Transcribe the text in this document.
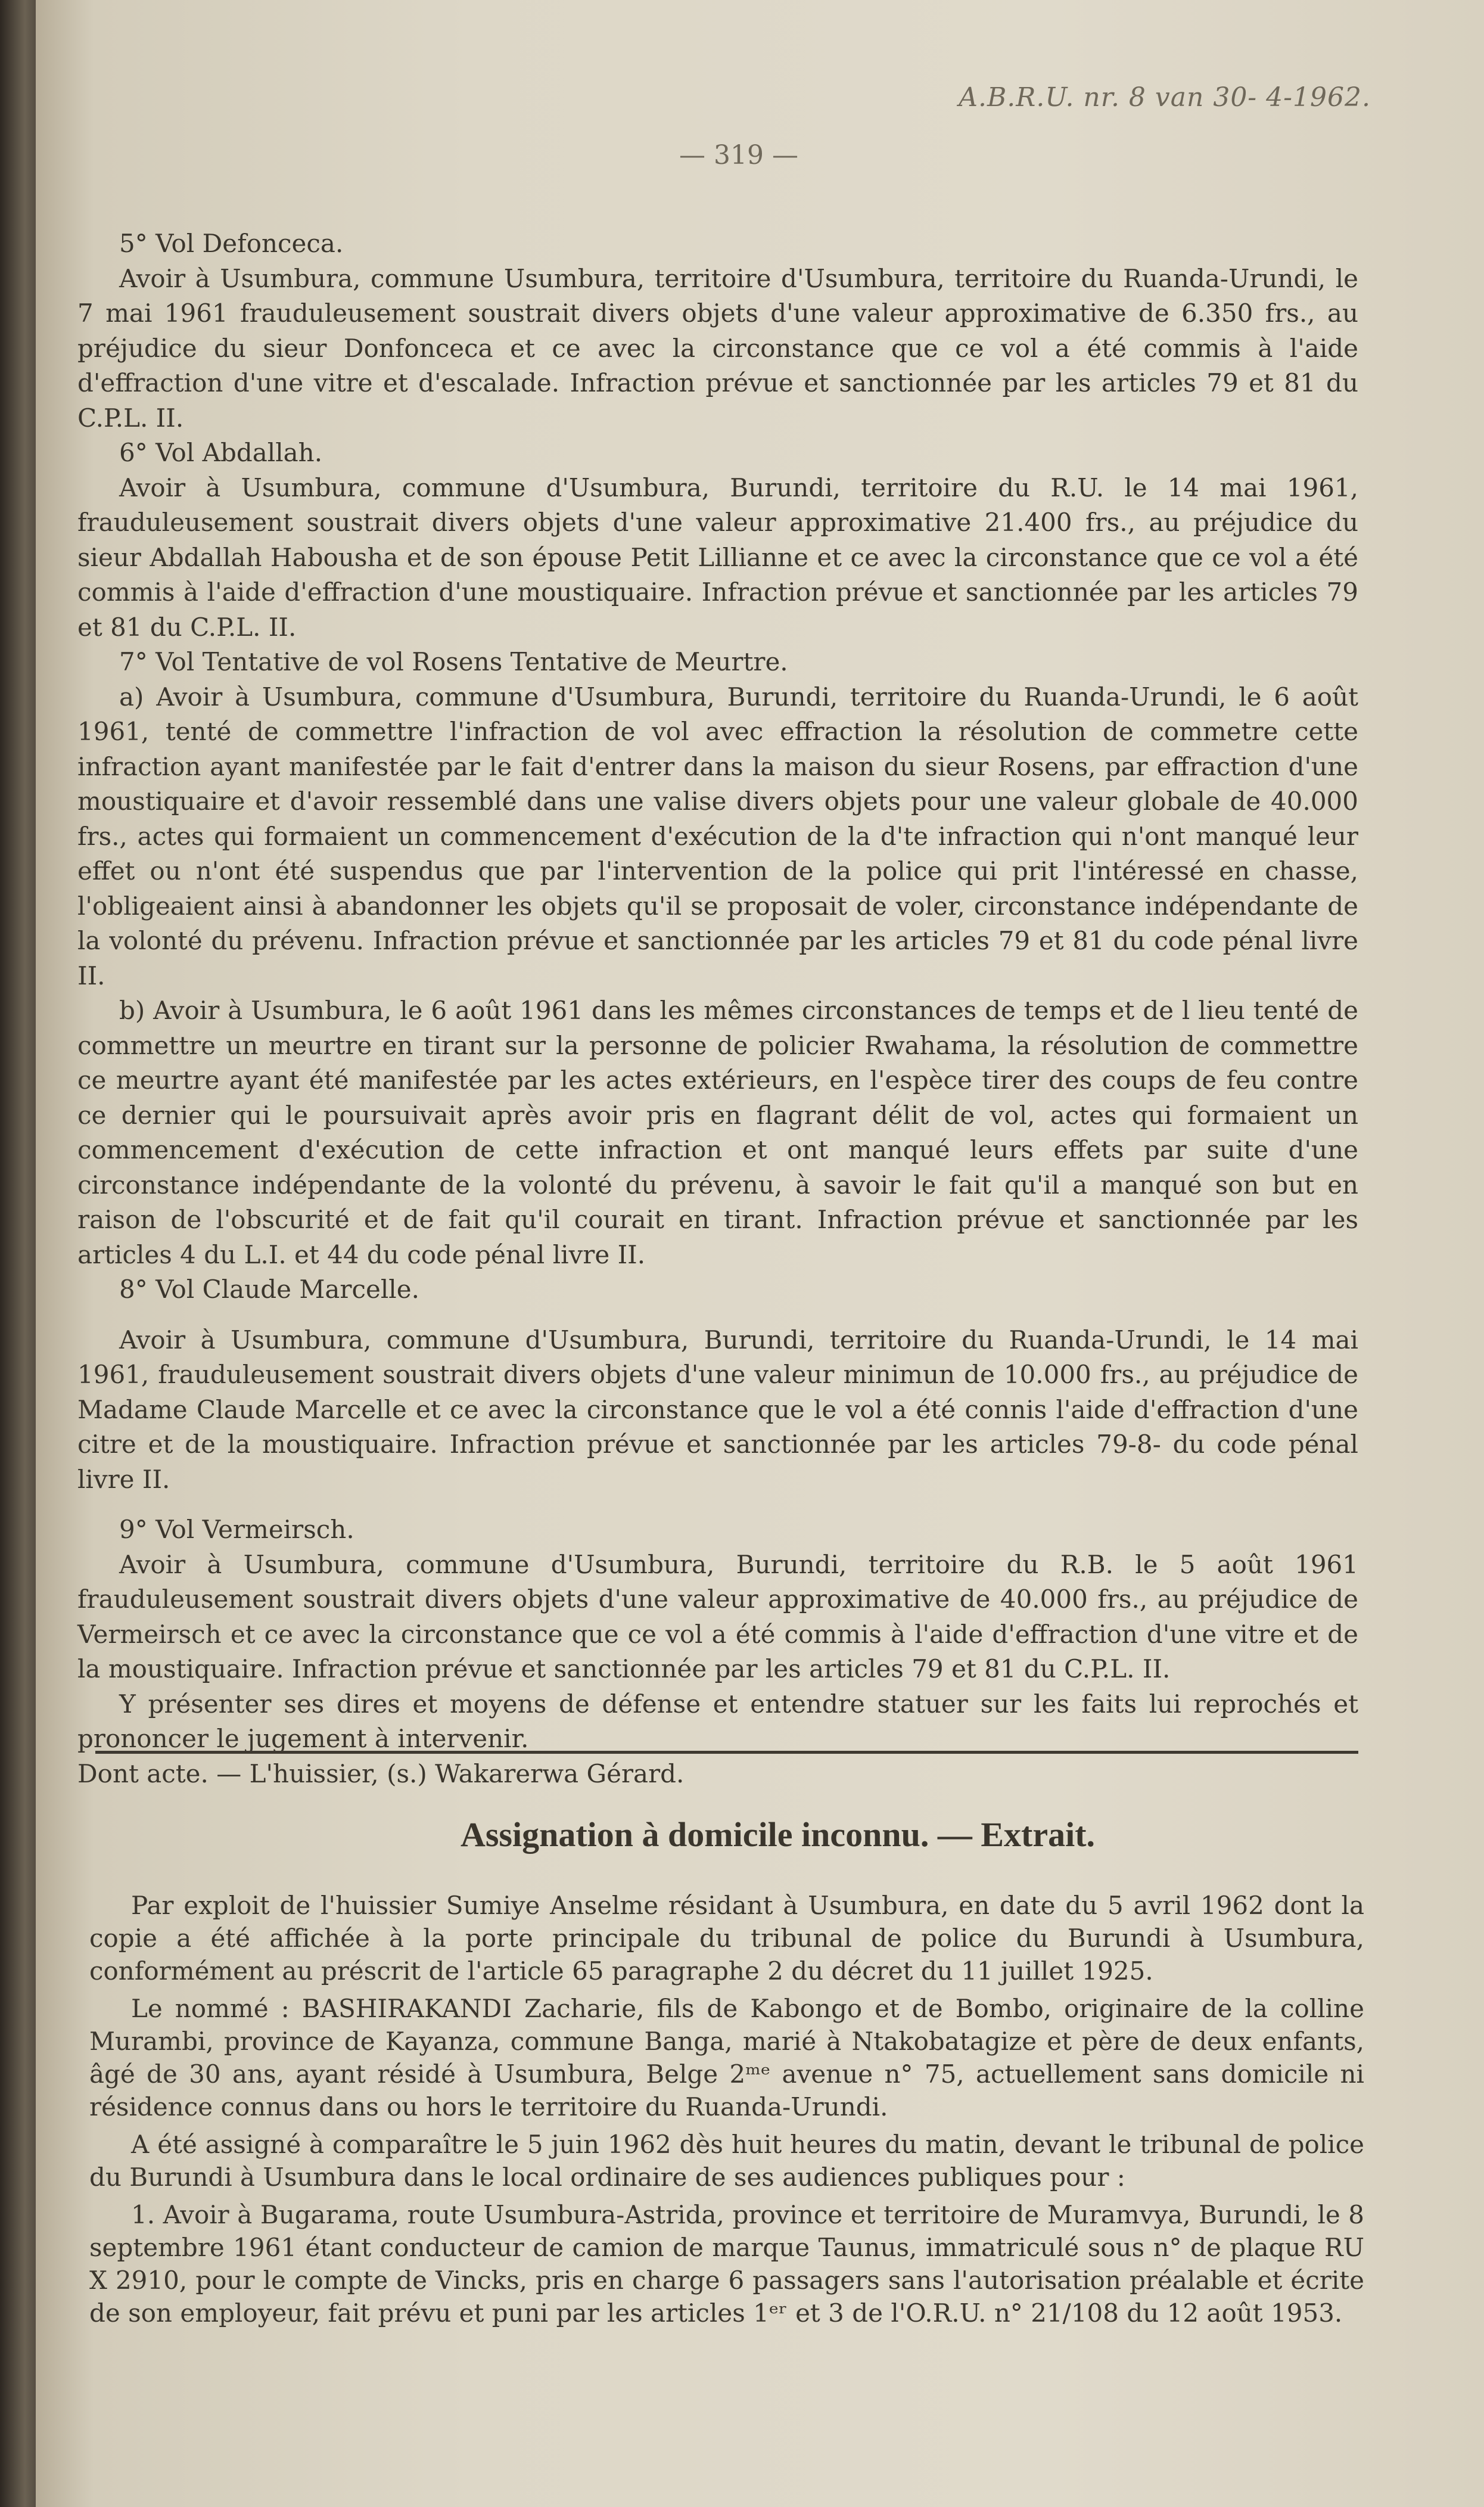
A.B.R.U. nr. 8 van 30- 4-1962.
— 319 —

5° Vol Defonceca.

Avoir à Usumbura, commune Usumbura, territoire d'Usumbura, territoire du Ruanda-Urundi, le 7 mai 1961 frauduleusement soustrait divers objets d'une valeur approximative de 6.350 frs., au préjudice du sieur Donfonceca et ce avec la circonstance que ce vol a été commis à l'aide d'effraction d'une vitre et d'escalade. Infraction prévue et sanctionnée par les articles 79 et 81 du C.P.L. II.

6° Vol Abdallah.

Avoir à Usumbura, commune d'Usumbura, Burundi, territoire du R.U. le 14 mai 1961, frauduleusement soustrait divers objets d'une valeur approximative 21.400 frs., au préjudice du sieur Abdallah Habousha et de son épouse Petit Lillianne et ce avec la circonstance que ce vol a été commis à l'aide d'effraction d'une moustiquaire. Infraction prévue et sanctionnée par les articles 79 et 81 du C.P.L. II.

7° Vol Tentative de vol Rosens Tentative de Meurtre.

a) Avoir à Usumbura, commune d'Usumbura, Burundi, territoire du Ruanda-Urundi, le 6 août 1961, tenté de commettre l'infraction de vol avec effraction la résolution de commetre cette infraction ayant manifestée par le fait d'entrer dans la maison du sieur Rosens, par effraction d'une moustiquaire et d'avoir ressemblé dans une valise divers objets pour une valeur globale de 40.000 frs., actes qui formaient un commencement d'exécution de la d'te infraction qui n'ont manqué leur effet ou n'ont été suspendus que par l'intervention de la police qui prit l'intéressé en chasse, l'obligeaient ainsi à abandonner les objets qu'il se proposait de voler, circonstance indépendante de la volonté du prévenu. Infraction prévue et sanctionnée par les articles 79 et 81 du code pénal livre II.

b) Avoir à Usumbura, le 6 août 1961 dans les mêmes circonstances de temps et de l lieu tenté de commettre un meurtre en tirant sur la personne de policier Rwahama, la résolution de commettre ce meurtre ayant été manifestée par les actes extérieurs, en l'espèce tirer des coups de feu contre ce dernier qui le poursuivait après avoir pris en flagrant délit de vol, actes qui formaient un commencement d'exécution de cette infraction et ont manqué leurs effets par suite d'une circonstance indépendante de la volonté du prévenu, à savoir le fait qu'il a manqué son but en raison de l'obscurité et de fait qu'il courait en tirant. Infraction prévue et sanctionnée par les articles 4 du L.I. et 44 du code pénal livre II.

8° Vol Claude Marcelle.

Avoir à Usumbura, commune d'Usumbura, Burundi, territoire du Ruanda-Urundi, le 14 mai 1961, frauduleusement soustrait divers objets d'une valeur minimun de 10.000 frs., au préjudice de Madame Claude Marcelle et ce avec la circonstance que le vol a été connis l'aide d'effraction d'une citre et de la moustiquaire. Infraction prévue et sanctionnée par les articles 79-8- du code pénal livre II.

9° Vol Vermeirsch.

Avoir à Usumbura, commune d'Usumbura, Burundi, territoire du R.B. le 5 août 1961 frauduleusement soustrait divers objets d'une valeur approximative de 40.000 frs., au préjudice de Vermeirsch et ce avec la circonstance que ce vol a été commis à l'aide d'effraction d'une vitre et de la moustiquaire. Infraction prévue et sanctionnée par les articles 79 et 81 du C.P.L. II.

Y présenter ses dires et moyens de défense et entendre statuer sur les faits lui reprochés et prononcer le jugement à intervenir.

Dont acte. — L'huissier, (s.) Wakarerwa Gérard.

Assignation à domicile inconnu. — Extrait.

Par exploit de l'huissier Sumiye Anselme résidant à Usumbura, en date du 5 avril 1962 dont la copie a été affichée à la porte principale du tribunal de police du Burundi à Usumbura, conformément au préscrit de l'article 65 paragraphe 2 du décret du 11 juillet 1925.

Le nommé : BASHIRAKANDI Zacharie, fils de Kabongo et de Bombo, originaire de la colline Murambi, province de Kayanza, commune Banga, marié à Ntakobatagize et père de deux enfants, âgé de 30 ans, ayant résidé à Usumbura, Belge 2ᵐᵉ avenue n° 75, actuellement sans domicile ni résidence connus dans ou hors le territoire du Ruanda-Urundi.

A été assigné à comparaître le 5 juin 1962 dès huit heures du matin, devant le tribunal de police du Burundi à Usumbura dans le local ordinaire de ses audiences publiques pour :

1. Avoir à Bugarama, route Usumbura-Astrida, province et territoire de Muramvya, Burundi, le 8 septembre 1961 étant conducteur de camion de marque Taunus, immatriculé sous n° de plaque RU X 2910, pour le compte de Vincks, pris en charge 6 passagers sans l'autorisation préalable et écrite de son employeur, fait prévu et puni par les articles 1ᵉʳ et 3 de l'O.R.U. n° 21/108 du 12 août 1953.
